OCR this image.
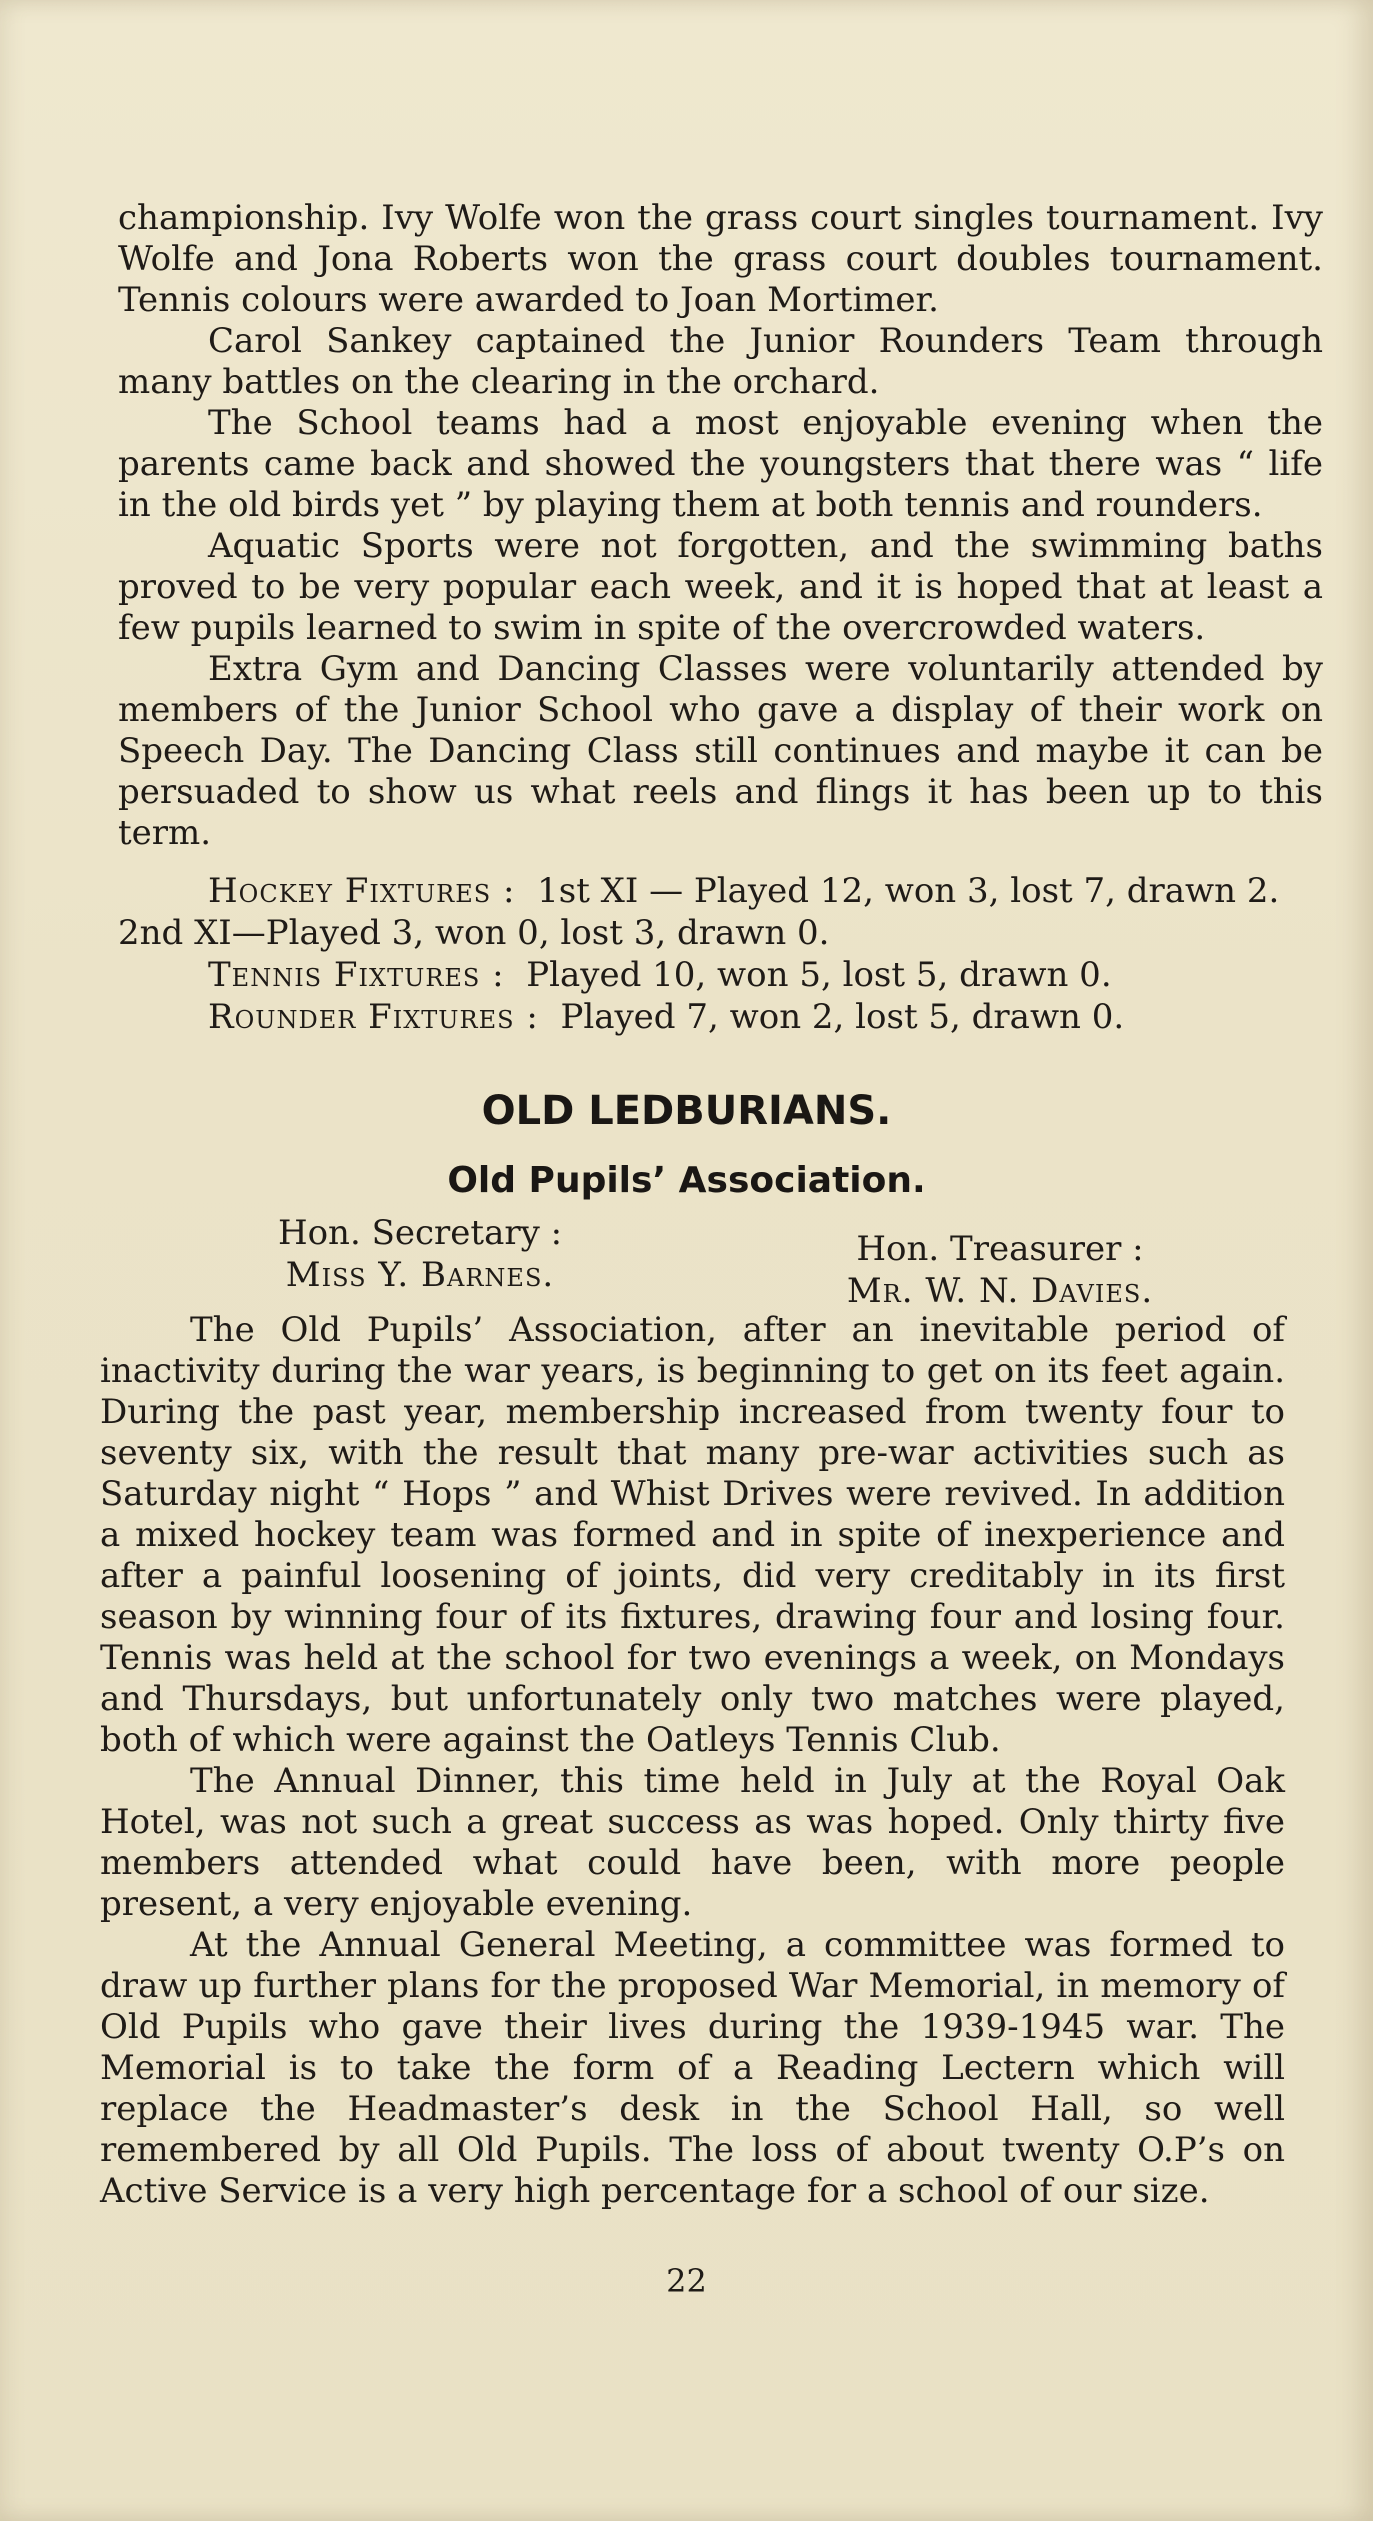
championship. Ivy Wolfe won the grass court singles tournament. Ivy Wolfe and Jona Roberts won the grass court doubles tournament. Tennis colours were awarded to Joan Mortimer.

Carol Sankey captained the Junior Rounders Team through many battles on the clearing in the orchard.

The School teams had a most enjoyable evening when the parents came back and showed the youngsters that there was “ life in the old birds yet ” by playing them at both tennis and rounders.

Aquatic Sports were not forgotten, and the swimming baths proved to be very popular each week, and it is hoped that at least a few pupils learned to swim in spite of the overcrowded waters.

Extra Gym and Dancing Classes were voluntarily attended by members of the Junior School who gave a display of their work on Speech Day. The Dancing Class still continues and maybe it can be persuaded to show us what reels and flings it has been up to this term.

Hockey Fixtures : 1st XI — Played 12, won 3, lost 7, drawn 2. 2nd XI—Played 3, won 0, lost 3, drawn 0.

Tennis Fixtures : Played 10, won 5, lost 5, drawn 0.

Rounder Fixtures : Played 7, won 2, lost 5, drawn 0.

OLD LEDBURIANS.
Old Pupils’ Association.
Hon. Secretary :
Miss Y. Barnes.
Hon. Treasurer :
Mr. W. N. Davies.

The Old Pupils’ Association, after an inevitable period of inactivity during the war years, is beginning to get on its feet again. During the past year, membership increased from twenty four to seventy six, with the result that many pre-war activities such as Saturday night “ Hops ” and Whist Drives were revived. In addition a mixed hockey team was formed and in spite of inexperience and after a painful loosening of joints, did very creditably in its first season by winning four of its fixtures, drawing four and losing four. Tennis was held at the school for two evenings a week, on Mondays and Thursdays, but unfortunately only two matches were played, both of which were against the Oatleys Tennis Club.

The Annual Dinner, this time held in July at the Royal Oak Hotel, was not such a great success as was hoped. Only thirty five members attended what could have been, with more people present, a very enjoyable evening.

At the Annual General Meeting, a committee was formed to draw up further plans for the proposed War Memorial, in memory of Old Pupils who gave their lives during the 1939-1945 war. The Memorial is to take the form of a Reading Lectern which will replace the Headmaster’s desk in the School Hall, so well remembered by all Old Pupils. The loss of about twenty O.P’s on Active Service is a very high percentage for a school of our size.

22
